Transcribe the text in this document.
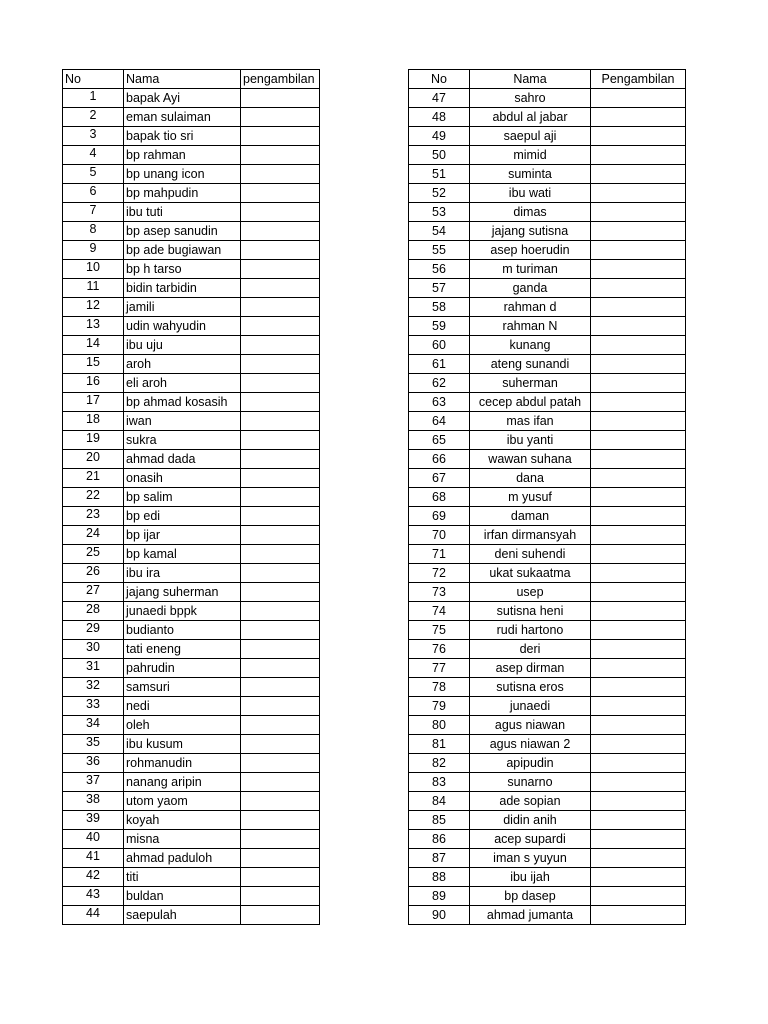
No	Nama	pengambilan
1	bapak Ayi	
2	eman sulaiman	
3	bapak tio sri	
4	bp rahman	
5	bp unang icon	
6	bp mahpudin	
7	ibu tuti	
8	bp asep sanudin	
9	bp ade bugiawan	
10	bp h tarso	
11	bidin tarbidin	
12	jamili	
13	udin wahyudin	
14	ibu uju	
15	aroh	
16	eli aroh	
17	bp ahmad kosasih	
18	iwan	
19	sukra	
20	ahmad dada	
21	onasih	
22	bp salim	
23	bp edi	
24	bp ijar	
25	bp kamal	
26	ibu ira	
27	jajang suherman	
28	junaedi bppk	
29	budianto	
30	tati eneng	
31	pahrudin	
32	samsuri	
33	nedi	
34	oleh	
35	ibu kusum	
36	rohmanudin	
37	nanang aripin	
38	utom yaom	
39	koyah	
40	misna	
41	ahmad paduloh	
42	titi	
43	buldan	
44	saepulah	
No	Nama	Pengambilan
47	sahro	
48	abdul al jabar	
49	saepul aji	
50	mimid	
51	suminta	
52	ibu wati	
53	dimas	
54	jajang sutisna	
55	asep hoerudin	
56	m turiman	
57	ganda	
58	rahman d	
59	rahman N	
60	kunang	
61	ateng sunandi	
62	suherman	
63	cecep abdul patah	
64	mas ifan	
65	ibu yanti	
66	wawan suhana	
67	dana	
68	m yusuf	
69	daman	
70	irfan dirmansyah	
71	deni suhendi	
72	ukat sukaatma	
73	usep	
74	sutisna heni	
75	rudi hartono	
76	deri	
77	asep dirman	
78	sutisna eros	
79	junaedi	
80	agus niawan	
81	agus niawan 2	
82	apipudin	
83	sunarno	
84	ade sopian	
85	didin anih	
86	acep supardi	
87	iman s yuyun	
88	ibu ijah	
89	bp dasep	
90	ahmad jumanta	
